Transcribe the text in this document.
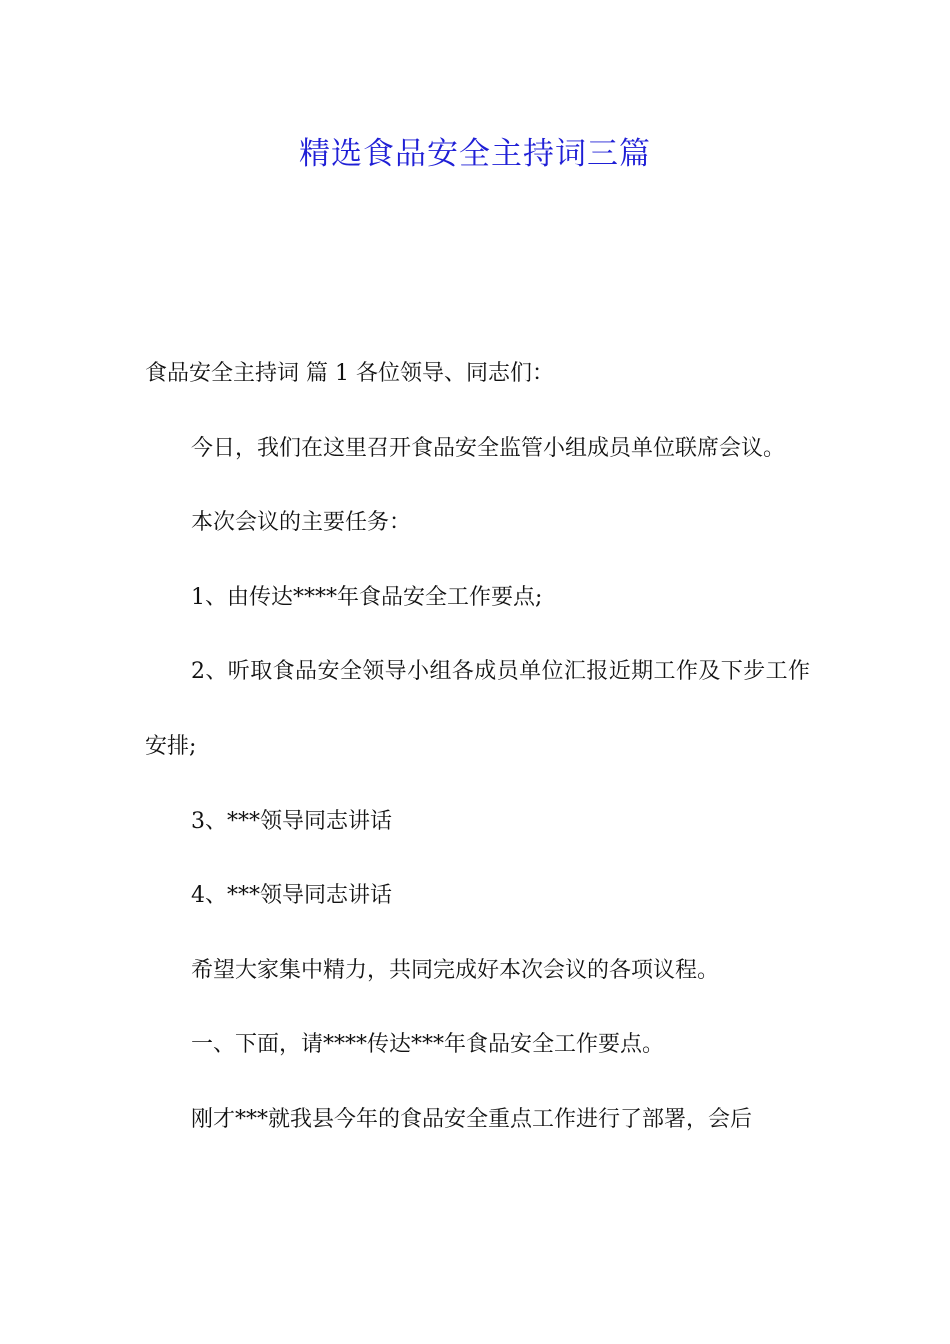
精选食品安全主持词三篇

食品安全主持词 篇 1 各位领导、同志们：

今日，我们在这里召开食品安全监管小组成员单位联席会议。

本次会议的主要任务：

1、由传达****年食品安全工作要点;

2、听取食品安全领导小组各成员单位汇报近期工作及下步工作安排;

3、***领导同志讲话

4、***领导同志讲话

希望大家集中精力，共同完成好本次会议的各项议程。

一、下面，请****传达***年食品安全工作要点。

刚才***就我县今年的食品安全重点工作进行了部署，会后
